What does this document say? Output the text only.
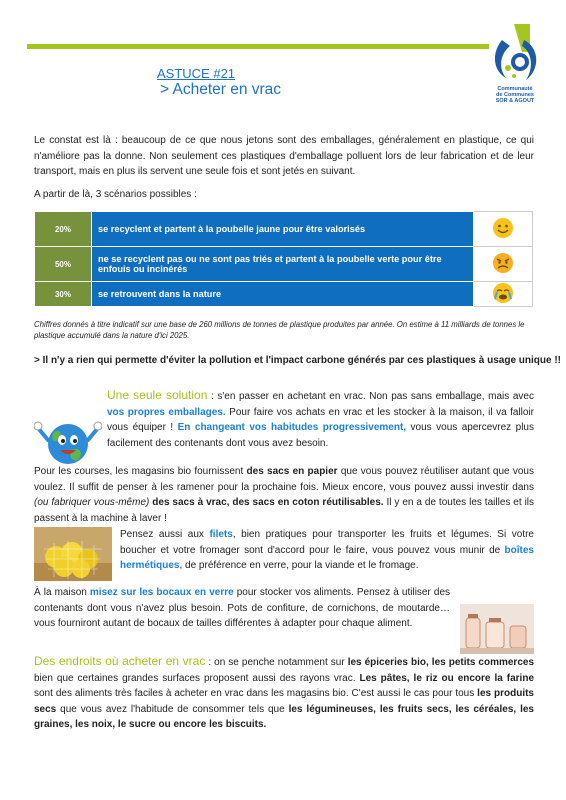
Communauté
de Communes
SOR & AGOUT
ASTUCE #21
> Acheter en vrac

Le constat est là : beaucoup de ce que nous jetons sont des emballages, généralement en plastique, ce qui n'améliore pas la donne. Non seulement ces plastiques d'emballage polluent lors de leur fabrication et de leur transport, mais en plus ils servent une seule fois et sont jetés en suivant.

A partir de là, 3 scénarios possibles :
20%	se recyclent et partent à la poubelle jaune pour être valorisés	
50%	ne se recyclent pas ou ne sont pas triés et partent à la poubelle verte pour être enfouis ou incinérés	
30%	se retrouvent dans la nature	
Chiffres donnés à titre indicatif sur une base de 260 millions de tonnes de plastique produites par année. On estime à 11 milliards de tonnes le plastique accumulé dans la nature d'ici 2025.
> Il n'y a rien qui permette d'éviter la pollution et l'impact carbone générés par ces plastiques à usage unique !!

Une seule solution : s'en passer en achetant en vrac. Non pas sans emballage, mais avec vos propres emballages. Pour faire vos achats en vrac et les stocker à la maison, il va falloir vous équiper ! En changeant vos habitudes progressivement, vous vous apercevrez plus facilement des contenants dont vous avez besoin.

Pour les courses, les magasins bio fournissent des sacs en papier que vous pouvez réutiliser autant que vous voulez. Il suffit de penser à les ramener pour la prochaine fois. Mieux encore, vous pouvez aussi investir dans (ou fabriquer vous-même) des sacs à vrac, des sacs en coton réutilisables. Il y en a de toutes les tailles et ils passent à la machine à laver !

Pensez aussi aux filets, bien pratiques pour transporter les fruits et légumes. Si votre boucher et votre fromager sont d'accord pour le faire, vous pouvez vous munir de boîtes hermétiques, de préférence en verre, pour la viande et le fromage.

À la maison misez sur les bocaux en verre pour stocker vos aliments. Pensez à utiliser des contenants dont vous n'avez plus besoin. Pots de confiture, de cornichons, de moutarde… vous fourniront autant de bocaux de tailles différentes à adapter pour chaque aliment.

Des endroits où acheter en vrac : on se penche notamment sur les épiceries bio, les petits commerces bien que certaines grandes surfaces proposent aussi des rayons vrac. Les pâtes, le riz ou encore la farine sont des aliments très faciles à acheter en vrac dans les magasins bio. C'est aussi le cas pour tous les produits secs que vous avez l'habitude de consommer tels que les légumineuses, les fruits secs, les céréales, les graines, les noix, le sucre ou encore les biscuits.
